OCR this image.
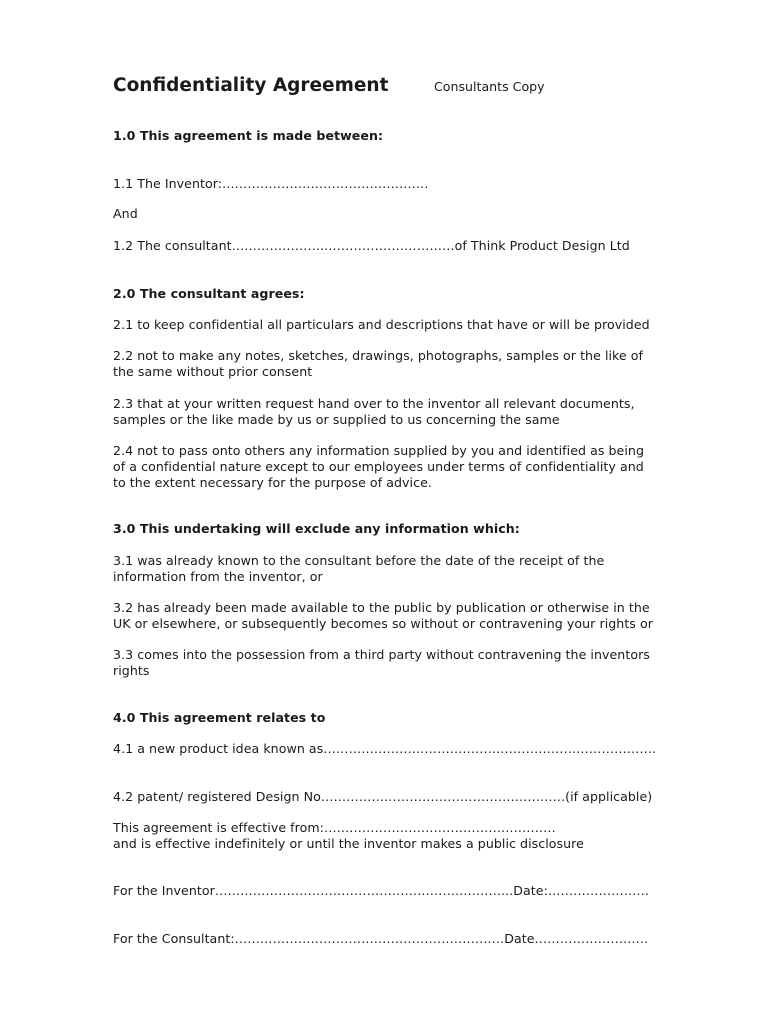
Confidentiality Agreement	Consultants Copy
1.0 This agreement is made between:
1.1 The Inventor:………………………………………….
And
1.2 The consultant…………………..…………………………of Think Product Design Ltd
2.0 The consultant agrees:
2.1 to keep confidential all particulars and descriptions that have or will be provided
2.2 not to make any notes, sketches, drawings, photographs, samples or the like of
the same without prior consent
2.3 that at your written request hand over to the inventor all relevant documents,
samples or the like made by us or supplied to us concerning the same
2.4 not to pass onto others any information supplied by you and identified as being
of a confidential nature except to our employees under terms of confidentiality and
to the extent necessary for the purpose of advice.
3.0 This undertaking will exclude any information which:
3.1 was already known to the consultant before the date of the receipt of the
information from the inventor, or
3.2 has already been made available to the public by publication or otherwise in the
UK or elsewhere, or subsequently becomes so without or contravening your rights or
3.3 comes into the possession from a third party without contravening the inventors
rights
4.0 This agreement relates to
4.1 a new product idea known as…………………………………………………………………….
4.2 patent/ registered Design No………………………………………………….(if applicable)
This agreement is effective from:……………………………………………….
and is effective indefinitely or until the inventor makes a public disclosure
For the Inventor…………………………………………………..………...Date:……………………
For the Consultant:…………………………………………………….…Date………………………
